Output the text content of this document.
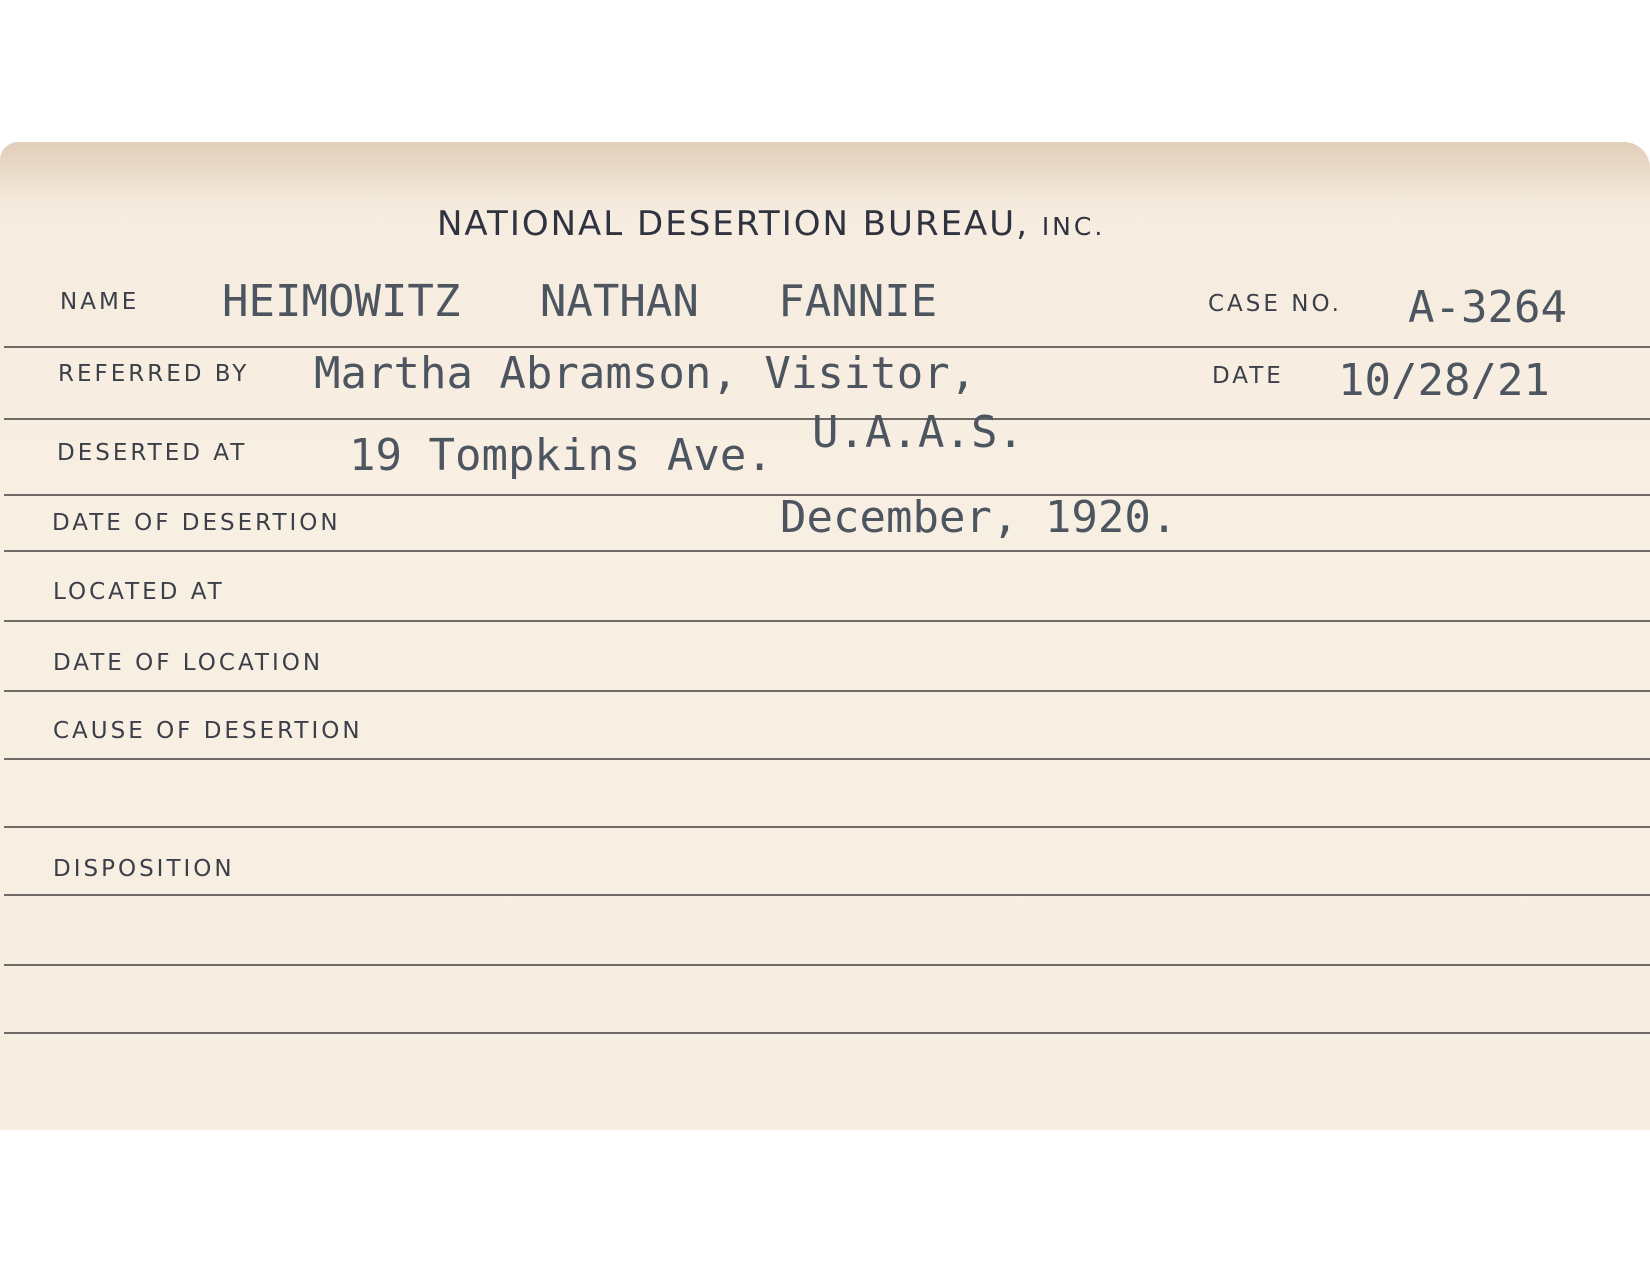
NATIONAL DESERTION BUREAU, INC.
NAME HEIMOWITZ   NATHAN   FANNIE	CASE NO. A-3264
REFERRED BY Martha Abramson, Visitor,	DATE 10/28/21
U.A.A.S.
DESERTED AT 19 Tompkins Ave.
DATE OF DESERTION	December, 1920.
LOCATED AT
DATE OF LOCATION
CAUSE OF DESERTION
DISPOSITION
